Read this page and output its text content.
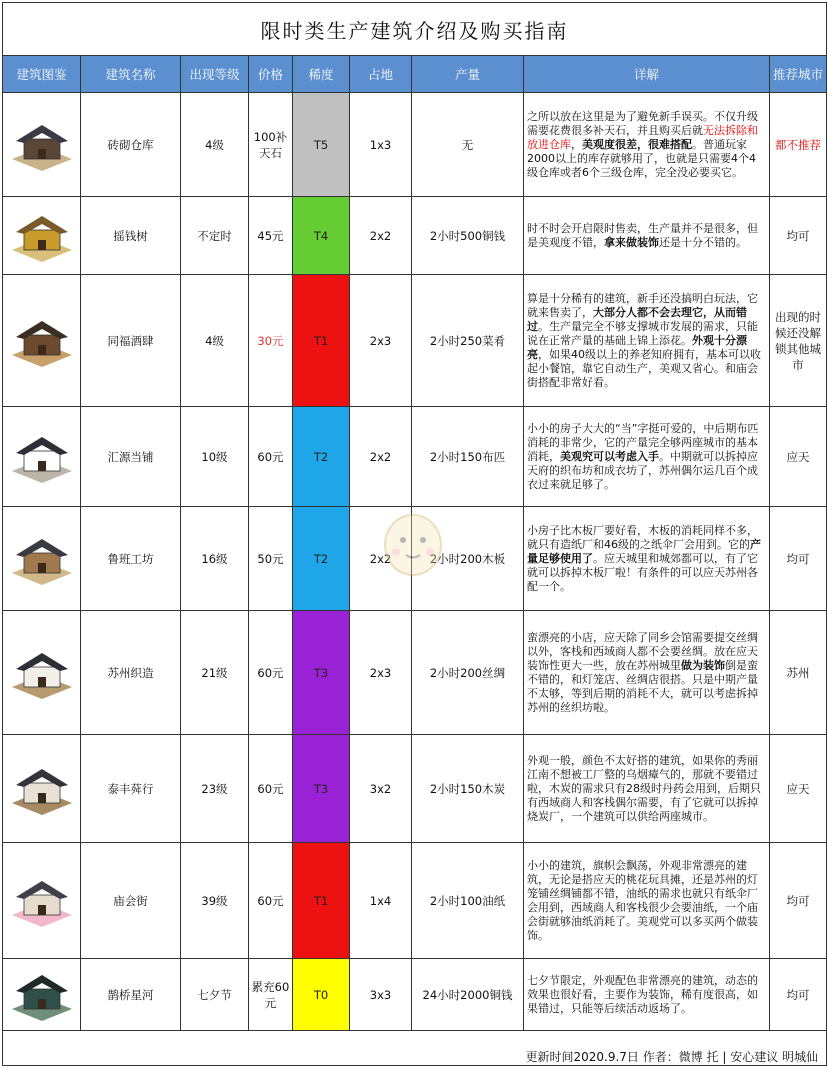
限时类生产建筑介绍及购买指南								
建筑图鉴	建筑名称	出现等级	价格	稀度	占地	产量	详解	推荐城市

	砖砌仓库	4级	100补天石	T5	1x3	无	之所以放在这里是为了避免新手误买。不仅升级需要花费很多补天石，并且购买后就无法拆除和放进仓库，美观度很差，很难搭配。普通玩家2000以上的库存就够用了，也就是只需要4个4级仓库或者6个三级仓库，完全没必要买它。	都不推荐

	摇钱树	不定时	45元	T4	2x2	2小时500铜钱	时不时会开启限时售卖，生产量并不是很多，但是美观度不错，拿来做装饰还是十分不错的。	均可

	同福酒肆	4级	30元	T1	2x3	2小时250菜肴	算是十分稀有的建筑，新手还没搞明白玩法，它就来售卖了，大部分人都不会去理它，从而错过。生产量完全不够支撑城市发展的需求，只能说在正常产量的基础上锦上添花。外观十分漂亮，如果40级以上的养老知府拥有，基本可以收起小餐馆，靠它自动生产，美观又省心。和庙会街搭配非常好看。	出现的时候还没解锁其他城市

	汇源当铺	10级	60元	T2	2x2	2小时150布匹	小小的房子大大的“当”字挺可爱的，中后期布匹消耗的非常少，它的产量完全够两座城市的基本消耗，美观究可以考虑入手。中期就可以拆掉应天府的织布坊和成衣坊了，苏州偶尔运几百个成衣过来就足够了。	应天

	鲁班工坊	16级	50元	T2	2x2	2小时200木板	小房子比木板厂要好看，木板的消耗同样不多，就只有造纸厂和46级的之纸伞厂会用到。它的产量足够使用了。应天城里和城郊都可以，有了它就可以拆掉木板厂啦！有条件的可以应天苏州各配一个。	均可

	苏州织造	21级	60元	T3	2x3	2小时200丝绸	蛮漂亮的小店，应天除了同乡会馆需要提交丝绸以外，客栈和西域商人都不会要丝绸。放在应天装饰性更大一些，放在苏州城里做为装饰倒是蛮不错的，和灯笼店、丝绸店很搭。只是中期产量不太够，等到后期的消耗不大，就可以考虑拆掉苏州的丝织坊啦。	苏州

	泰丰荈行	23级	60元	T3	3x2	2小时150木炭	外观一般，颜色不太好搭的建筑，如果你的秀丽江南不想被工厂整的乌烟瘴气的，那就不要错过啦，木炭的需求只有28级时丹药会用到，后期只有西域商人和客栈偶尔需要，有了它就可以拆掉烧炭厂，一个建筑可以供给两座城市。	应天

	庙会街	39级	60元	T1	1x4	2小时100油纸	小小的建筑，旗帜会飘荡，外观非常漂亮的建筑，无论是搭应天的桃花玩具摊，还是苏州的灯笼铺丝绸铺都不错，油纸的需求也就只有纸伞厂会用到，西域商人和客栈很少会要油纸，一个庙会街就够油纸消耗了。美观党可以多买两个做装饰。	均可

	鹊桥星河	七夕节	累充60元	T0	3x3	24小时2000铜钱	七夕节限定，外观配色非常漂亮的建筑，动态的效果也很好看，主要作为装饰，稀有度很高，如果错过，只能等后续活动返场了。	均可
更新时间2020.9.7日 作者：微博 托 | 安心建议 明城仙								
